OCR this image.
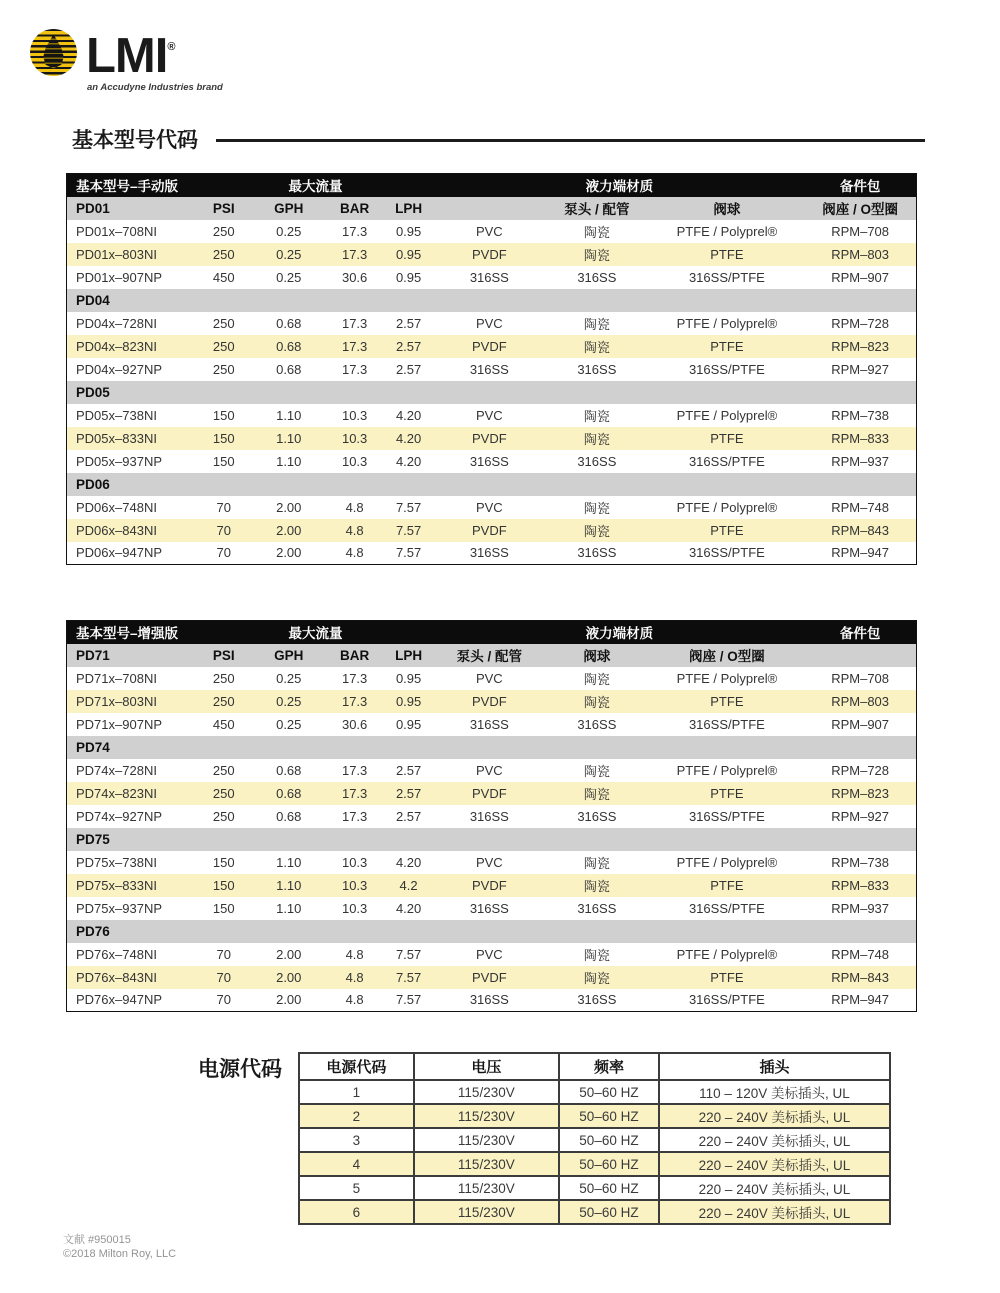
LMI®
an Accudyne Industries brand
基本型号代码
基本型号–手动版	最大流量				液力端材质			备件包
PD01	PSI	GPH	BAR	LPH		泵头 / 配管	阀球	阀座 / O型圈
PD01x–708NI	250	0.25	17.3	0.95	PVC	陶瓷	PTFE / Polyprel®	RPM–708
PD01x–803NI	250	0.25	17.3	0.95	PVDF	陶瓷	PTFE	RPM–803
PD01x–907NP	450	0.25	30.6	0.95	316SS	316SS	316SS/PTFE	RPM–907
PD04								
PD04x–728NI	250	0.68	17.3	2.57	PVC	陶瓷	PTFE / Polyprel®	RPM–728
PD04x–823NI	250	0.68	17.3	2.57	PVDF	陶瓷	PTFE	RPM–823
PD04x–927NP	250	0.68	17.3	2.57	316SS	316SS	316SS/PTFE	RPM–927
PD05								
PD05x–738NI	150	1.10	10.3	4.20	PVC	陶瓷	PTFE / Polyprel®	RPM–738
PD05x–833NI	150	1.10	10.3	4.20	PVDF	陶瓷	PTFE	RPM–833
PD05x–937NP	150	1.10	10.3	4.20	316SS	316SS	316SS/PTFE	RPM–937
PD06								
PD06x–748NI	70	2.00	4.8	7.57	PVC	陶瓷	PTFE / Polyprel®	RPM–748
PD06x–843NI	70	2.00	4.8	7.57	PVDF	陶瓷	PTFE	RPM–843
PD06x–947NP	70	2.00	4.8	7.57	316SS	316SS	316SS/PTFE	RPM–947
基本型号–增强版	最大流量				液力端材质			备件包
PD71	PSI	GPH	BAR	LPH	泵头 / 配管	阀球	阀座 / O型圈	
PD71x–708NI	250	0.25	17.3	0.95	PVC	陶瓷	PTFE / Polyprel®	RPM–708
PD71x–803NI	250	0.25	17.3	0.95	PVDF	陶瓷	PTFE	RPM–803
PD71x–907NP	450	0.25	30.6	0.95	316SS	316SS	316SS/PTFE	RPM–907
PD74								
PD74x–728NI	250	0.68	17.3	2.57	PVC	陶瓷	PTFE / Polyprel®	RPM–728
PD74x–823NI	250	0.68	17.3	2.57	PVDF	陶瓷	PTFE	RPM–823
PD74x–927NP	250	0.68	17.3	2.57	316SS	316SS	316SS/PTFE	RPM–927
PD75								
PD75x–738NI	150	1.10	10.3	4.20	PVC	陶瓷	PTFE / Polyprel®	RPM–738
PD75x–833NI	150	1.10	10.3	4.2	PVDF	陶瓷	PTFE	RPM–833
PD75x–937NP	150	1.10	10.3	4.20	316SS	316SS	316SS/PTFE	RPM–937
PD76								
PD76x–748NI	70	2.00	4.8	7.57	PVC	陶瓷	PTFE / Polyprel®	RPM–748
PD76x–843NI	70	2.00	4.8	7.57	PVDF	陶瓷	PTFE	RPM–843
PD76x–947NP	70	2.00	4.8	7.57	316SS	316SS	316SS/PTFE	RPM–947
电源代码	电源代码	电压	频率	插头
1	115/230V	50–60 HZ	110 – 120V 美标插头, UL
2	115/230V	50–60 HZ	220 – 240V 美标插头, UL
3	115/230V	50–60 HZ	220 – 240V 美标插头, UL
4	115/230V	50–60 HZ	220 – 240V 美标插头, UL
5	115/230V	50–60 HZ	220 – 240V 美标插头, UL
6	115/230V	50–60 HZ	220 – 240V 美标插头, UL
文献 #950015
©2018 Milton Roy, LLC
